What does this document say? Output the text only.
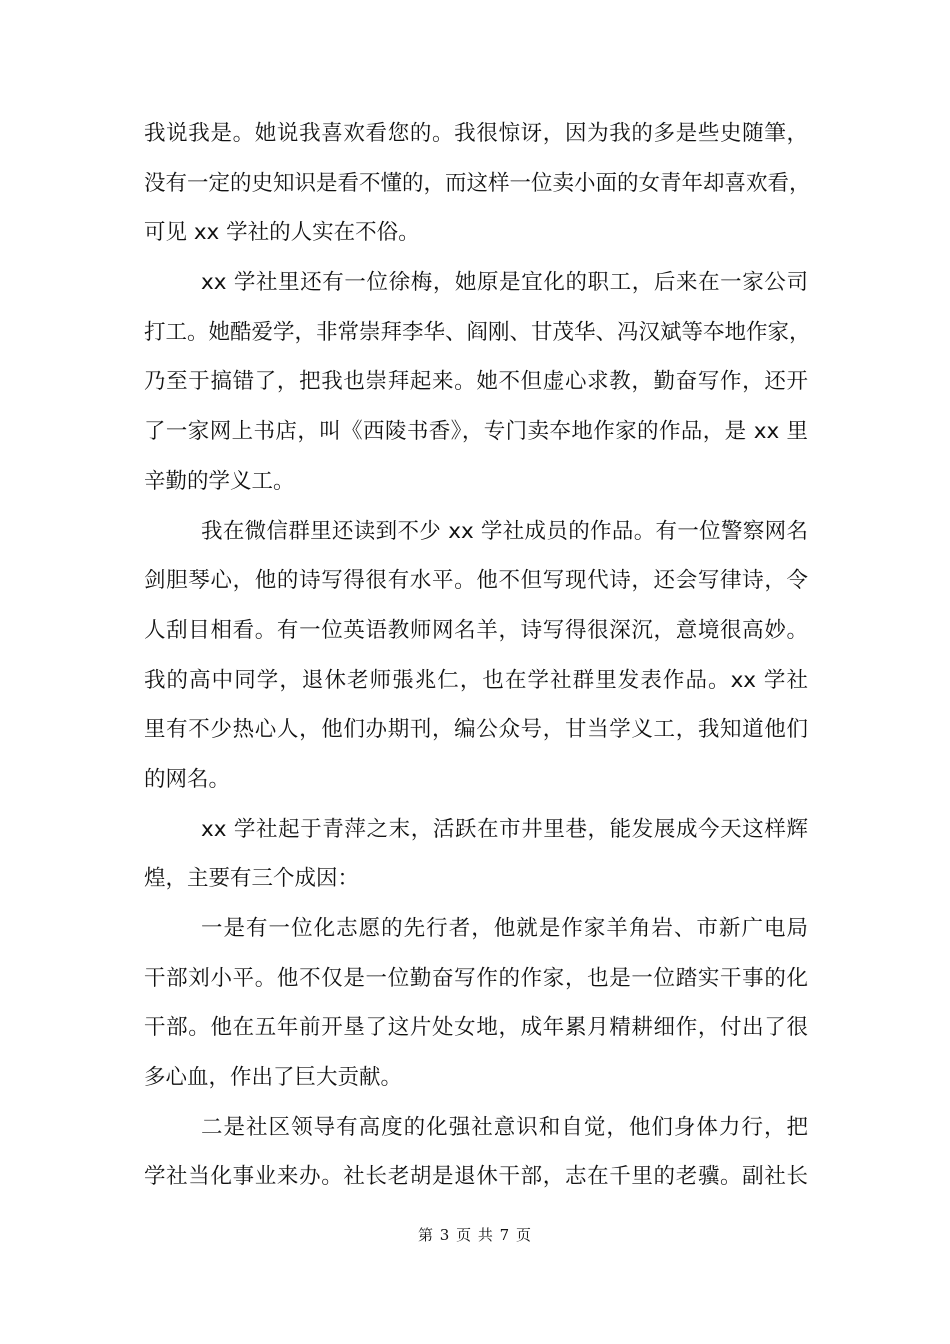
我说我是。她说我喜欢看您的。我很惊讶，因为我的多是些史随筆，
没有一定的史知识是看不懂的，而这样一位卖小面的女青年却喜欢看，
可见 xx 学社的人实在不俗。
xx 学社里还有一位徐梅，她原是宜化的职工，后来在一家公司
打工。她酷爱学，非常崇拜李华、阎刚、甘茂华、冯汉斌等夲地作家，
乃至于搞错了，把我也崇拜起来。她不但虚心求教，勤奋写作，还开
了一家网上书店，叫《西陵书香》，专门卖夲地作家的作品，是 xx 里
辛勤的学义工。
我在微信群里还读到不少 xx 学社成员的作品。有一位警察网名
剑胆琴心，他的诗写得很有水平。他不但写现代诗，还会写律诗，令
人刮目相看。有一位英语教师网名羊，诗写得很深沉，意境很高妙。
我的高中同学，退休老师張兆仁，也在学社群里发表作品。xx 学社
里有不少热心人，他们办期刊，编公众号，甘当学义工，我知道他们
的网名。
xx 学社起于青萍之末，活跃在市井里巷，能发展成今天这样辉
煌，主要有三个成因：
一是有一位化志愿的先行者，他就是作家羊角岩、市新广电局
干部刘小平。他不仅是一位勤奋写作的作家，也是一位踏实干事的化
干部。他在五年前开垦了这片处女地，成年累月精耕细作，付出了很
多心血，作出了巨大贡献。
二是社区领导有高度的化强社意识和自觉，他们身体力行，把
学社当化事业来办。社长老胡是退休干部，志在千里的老骥。副社长
第 3 页 共 7 页
